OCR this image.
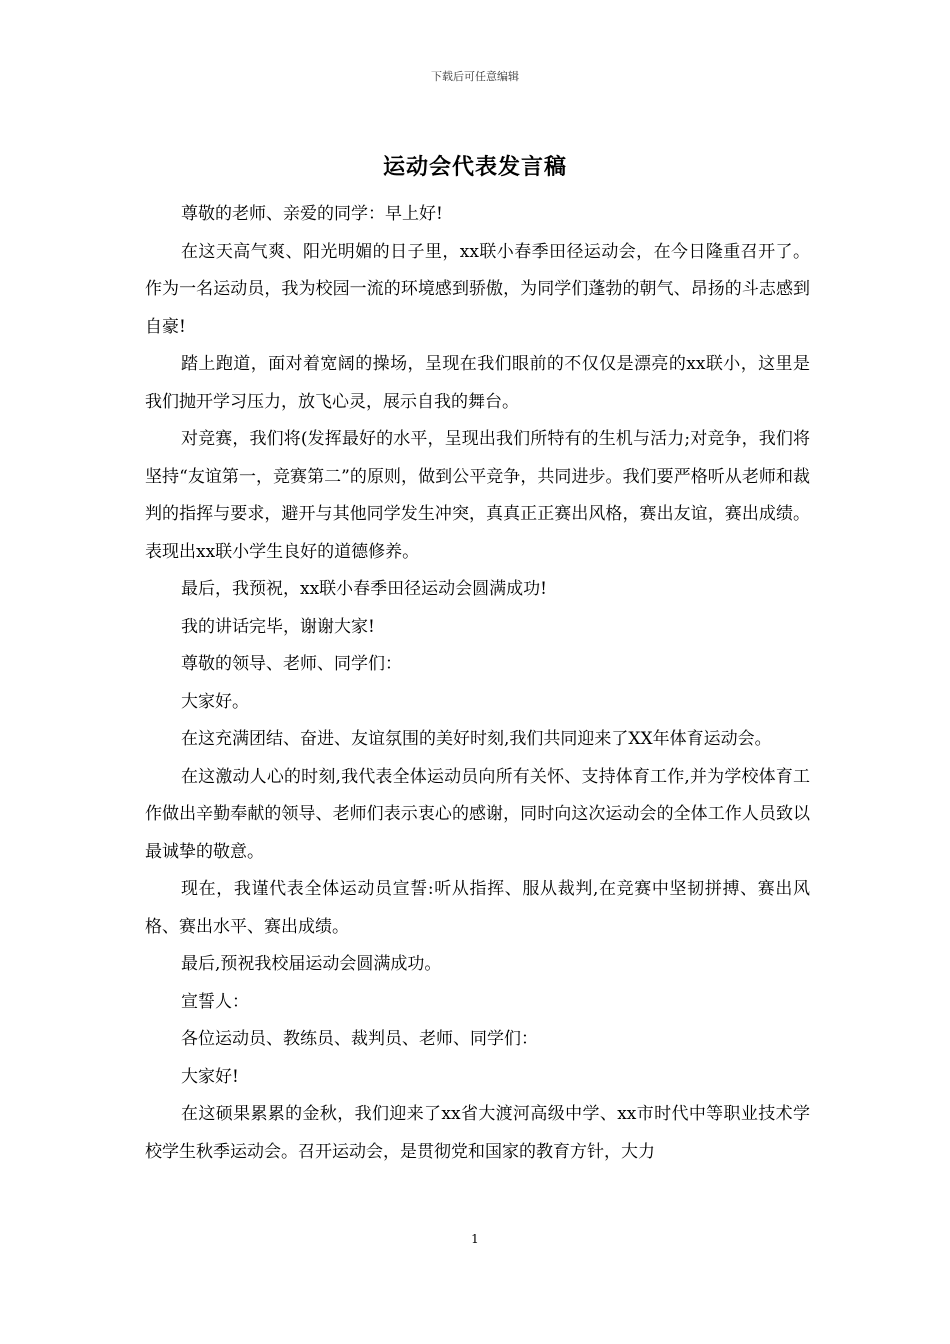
下载后可任意编辑
运动会代表发言稿

尊敬的老师、亲爱的同学：早上好!

在这天高气爽、阳光明媚的日子里，xx联小春季田径运动会，在今日隆重召开了。作为一名运动员，我为校园一流的环境感到骄傲，为同学们蓬勃的朝气、昂扬的斗志感到自豪!

踏上跑道，面对着宽阔的操场，呈现在我们眼前的不仅仅是漂亮的xx联小，这里是我们抛开学习压力，放飞心灵，展示自我的舞台。

对竞赛，我们将(发挥最好的水平，呈现出我们所特有的生机与活力;对竞争，我们将坚持“友谊第一，竞赛第二”的原则，做到公平竞争，共同进步。我们要严格听从老师和裁判的指挥与要求，避开与其他同学发生冲突，真真正正赛出风格，赛出友谊，赛出成绩。表现出xx联小学生良好的道德修养。

最后，我预祝，xx联小春季田径运动会圆满成功!

我的讲话完毕，谢谢大家!

尊敬的领导、老师、同学们：

大家好。

在这充满团结、奋进、友谊氛围的美好时刻,我们共同迎来了XX年体育运动会。

在这激动人心的时刻,我代表全体运动员向所有关怀、支持体育工作,并为学校体育工作做出辛勤奉献的领导、老师们表示衷心的感谢，同时向这次运动会的全体工作人员致以最诚挚的敬意。

现在，我谨代表全体运动员宣誓:听从指挥、服从裁判,在竞赛中坚韧拼搏、赛出风格、赛出水平、赛出成绩。

最后,预祝我校届运动会圆满成功。

宣誓人：

各位运动员、教练员、裁判员、老师、同学们：

大家好!

在这硕果累累的金秋，我们迎来了xx省大渡河高级中学、xx市时代中等职业技术学校学生秋季运动会。召开运动会，是贯彻党和国家的教育方针，大力

1
